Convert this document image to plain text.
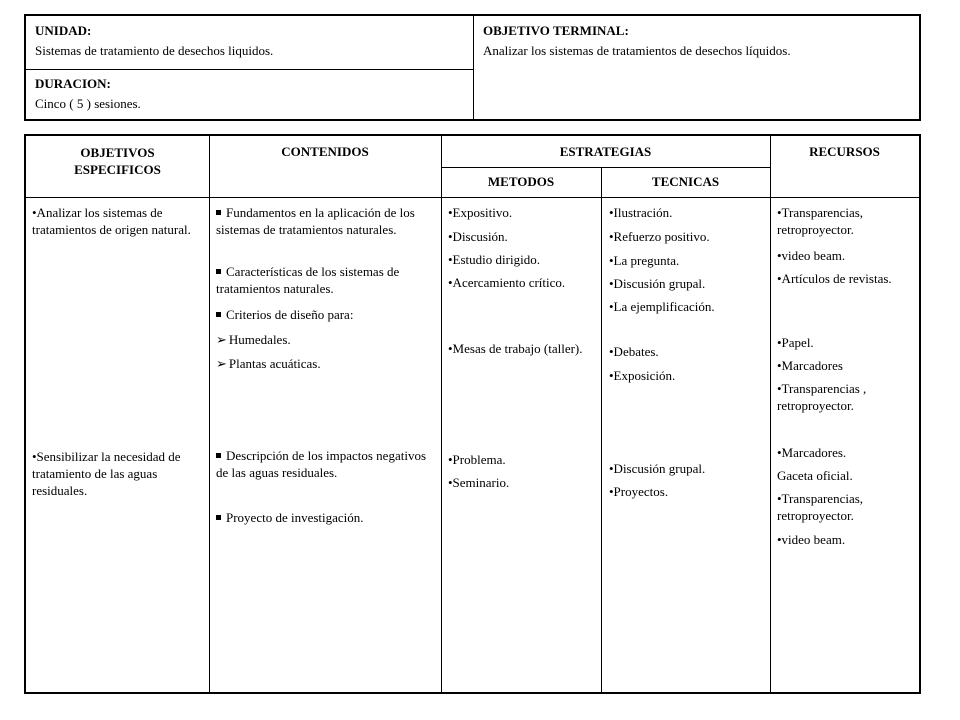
UNIDAD:
Sistemas de tratamiento de desechos liquidos.
DURACION:
Cinco ( 5 ) sesiones.
OBJETIVO TERMINAL:
Analizar los sistemas de tratamientos de desechos líquidos.
OBJETIVOS ESPECIFICOS
CONTENIDOS	ESTRATEGIAS
METODOS	TECNICAS
RECURSOS
•Analizar los sistemas de tratamientos de origen natural.
•Sensibilizar la necesidad de tratamiento de las aguas residuales.
Fundamentos en la aplicación de los sistemas de tratamientos naturales.
Características de los sistemas de tratamientos naturales.
Criterios de diseño para:
➢ Humedales.
➢ Plantas acuáticas.
Descripción de los impactos negativos de las aguas residuales.
Proyecto de investigación.
•Expositivo.
•Discusión.
•Estudio dirigido.
•Acercamiento crítico.
•Mesas de trabajo (taller).
•Problema.
•Seminario.
•Ilustración.
•Refuerzo positivo.
•La pregunta.
•Discusión grupal.
•La ejemplificación.
•Debates.
•Exposición.
•Discusión grupal.
•Proyectos.
•Transparencias, retroproyector.
•video beam.
•Artículos de revistas.
•Papel.
•Marcadores
•Transparencias , retroproyector.
•Marcadores.
Gaceta oficial.
•Transparencias, retroproyector.
•video beam.
